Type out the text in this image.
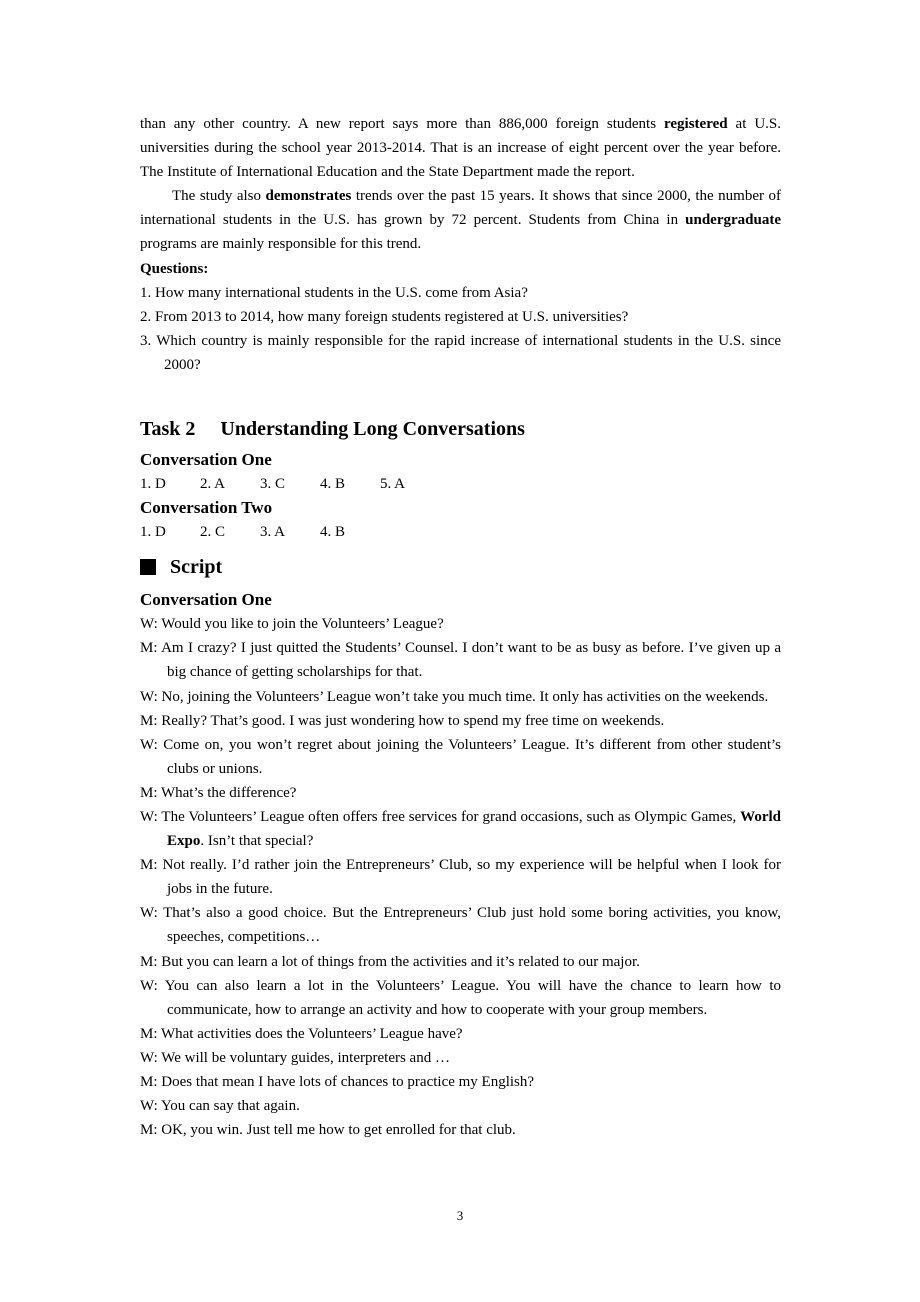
than any other country. A new report says more than 886,000 foreign students registered at U.S. universities during the school year 2013-2014. That is an increase of eight percent over the year before. The Institute of International Education and the State Department made the report.

The study also demonstrates trends over the past 15 years. It shows that since 2000, the number of international students in the U.S. has grown by 72 percent. Students from China in undergraduate programs are mainly responsible for this trend.

Questions:
1. How many international students in the U.S. come from Asia?
2. From 2013 to 2014, how many foreign students registered at U.S. universities?
3. Which country is mainly responsible for the rapid increase of international students in the U.S. since 2000?
Task 2  Understanding Long Conversations
Conversation One
1. D	2. A	3. C	4. B	5. A
Conversation Two
1. D	2. C	3. A	4. B
Script
Conversation One
W: Would you like to join the Volunteers’ League?
M: Am I crazy? I just quitted the Students’ Counsel. I don’t want to be as busy as before. I’ve given up a big chance of getting scholarships for that.
W: No, joining the Volunteers’ League won’t take you much time. It only has activities on the weekends.
M: Really? That’s good. I was just wondering how to spend my free time on weekends.
W: Come on, you won’t regret about joining the Volunteers’ League. It’s different from other student’s clubs or unions.
M: What’s the difference?
W: The Volunteers’ League often offers free services for grand occasions, such as Olympic Games, World Expo. Isn’t that special?
M: Not really. I’d rather join the Entrepreneurs’ Club, so my experience will be helpful when I look for jobs in the future.
W: That’s also a good choice. But the Entrepreneurs’ Club just hold some boring activities, you know, speeches, competitions…
M: But you can learn a lot of things from the activities and it’s related to our major.
W: You can also learn a lot in the Volunteers’ League. You will have the chance to learn how to communicate, how to arrange an activity and how to cooperate with your group members.
M: What activities does the Volunteers’ League have?
W: We will be voluntary guides, interpreters and …
M: Does that mean I have lots of chances to practice my English?
W: You can say that again.
M: OK, you win. Just tell me how to get enrolled for that club.
3
